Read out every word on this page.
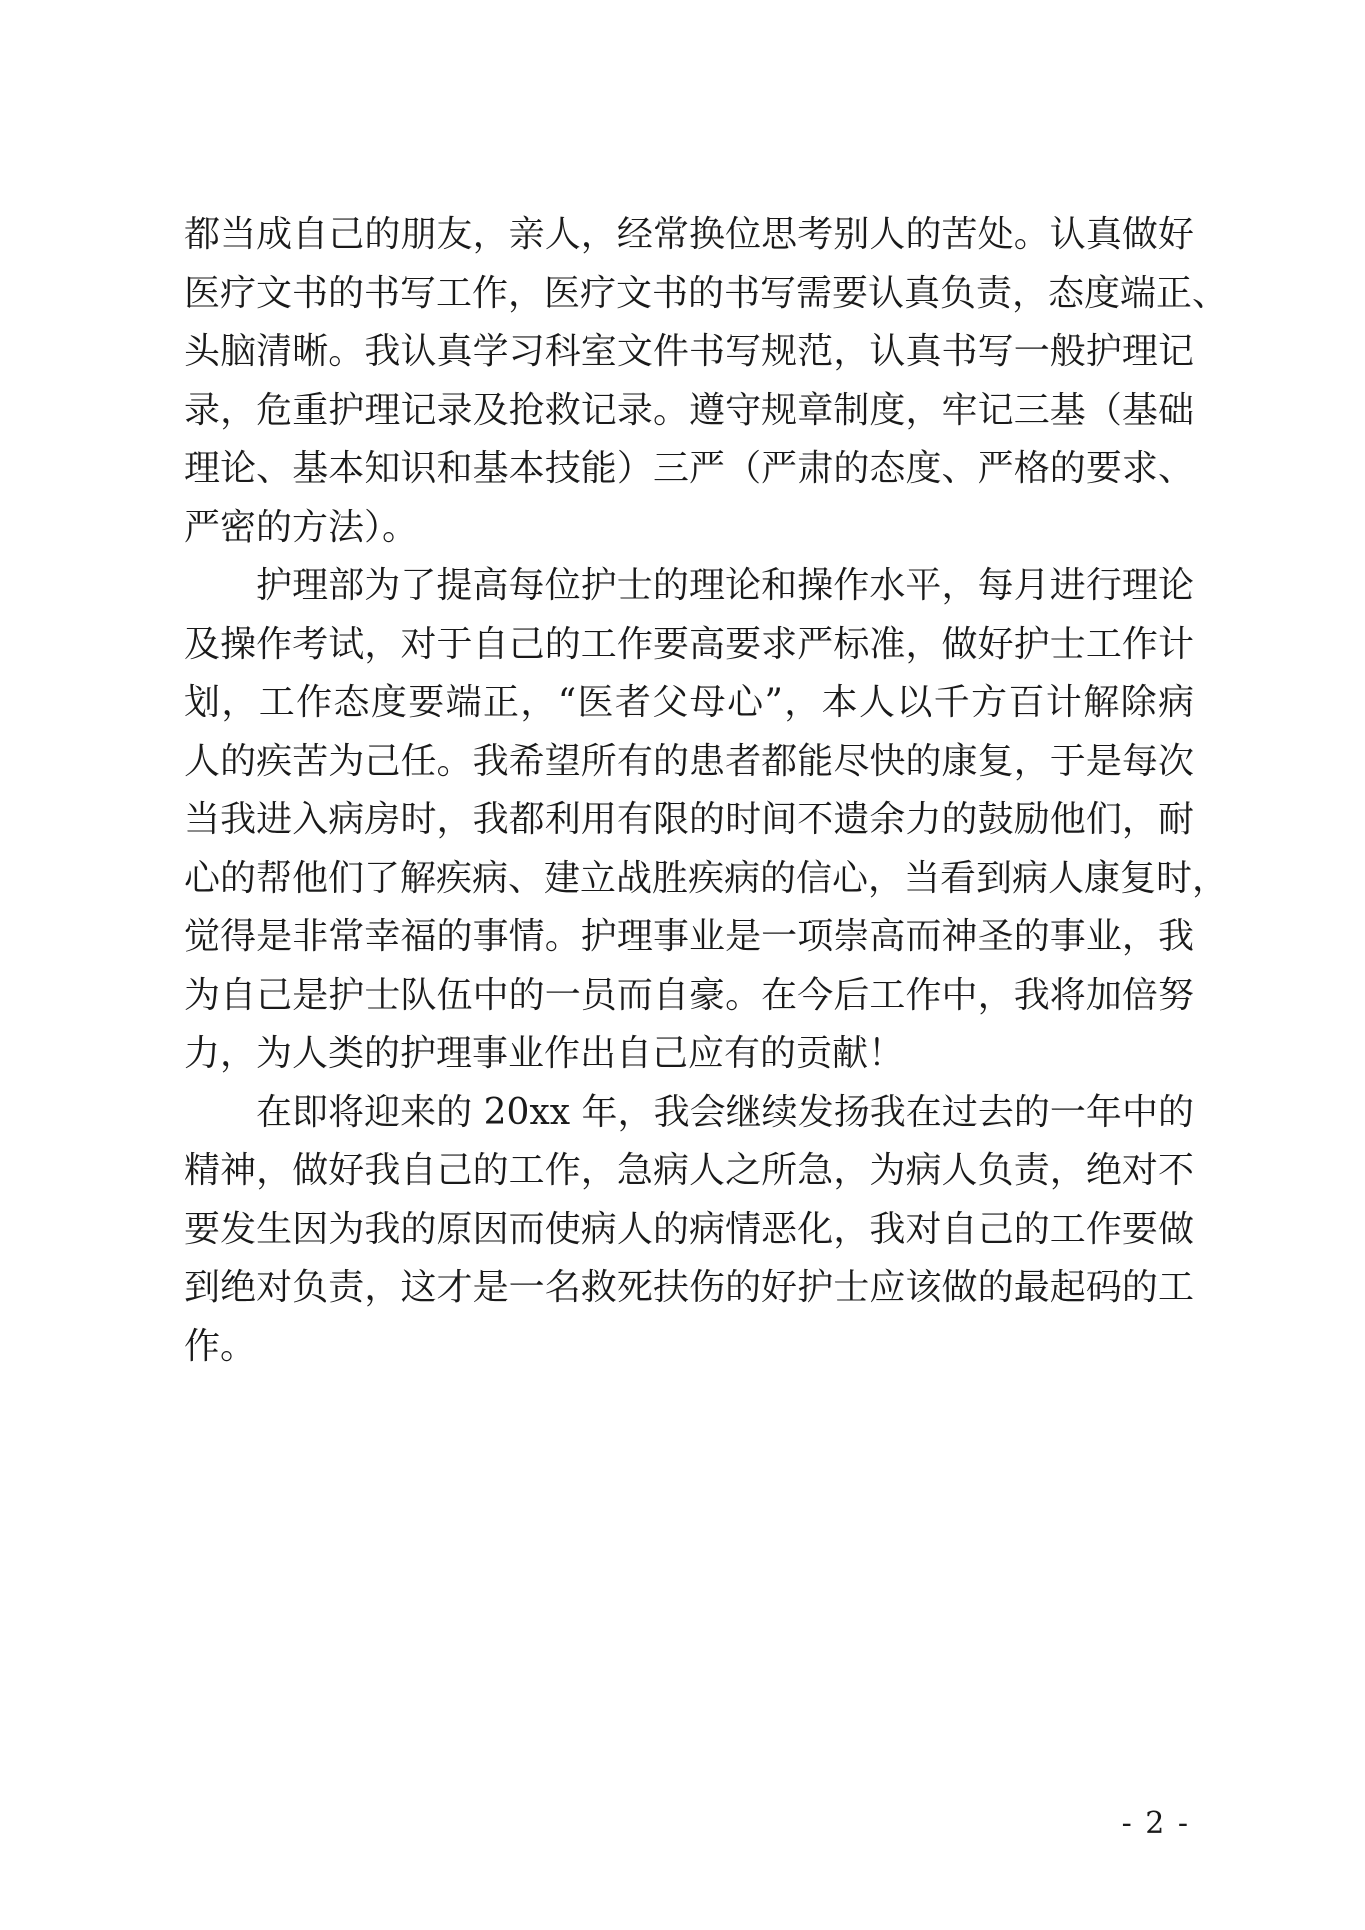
都当成自己的朋友，亲人，经常换位思考别人的苦处。认真做好
医疗文书的书写工作，医疗文书的书写需要认真负责，态度端正、
头脑清晰。我认真学习科室文件书写规范，认真书写一般护理记
录，危重护理记录及抢救记录。遵守规章制度，牢记三基（基础
理论、基本知识和基本技能）三严（严肃的态度、严格的要求、
严密的方法）。
护理部为了提高每位护士的理论和操作水平，每月进行理论
及操作考试，对于自己的工作要高要求严标准，做好护士工作计
划，工作态度要端正，“医者父母心”，本人以千方百计解除病
人的疾苦为己任。我希望所有的患者都能尽快的康复，于是每次
当我进入病房时，我都利用有限的时间不遗余力的鼓励他们，耐
心的帮他们了解疾病、建立战胜疾病的信心，当看到病人康复时，
觉得是非常幸福的事情。护理事业是一项崇高而神圣的事业，我
为自己是护士队伍中的一员而自豪。在今后工作中，我将加倍努
力，为人类的护理事业作出自己应有的贡献！
在即将迎来的 20xx 年，我会继续发扬我在过去的一年中的
精神，做好我自己的工作，急病人之所急，为病人负责，绝对不
要发生因为我的原因而使病人的病情恶化，我对自己的工作要做
到绝对负责，这才是一名救死扶伤的好护士应该做的最起码的工
作。
- 2 -
